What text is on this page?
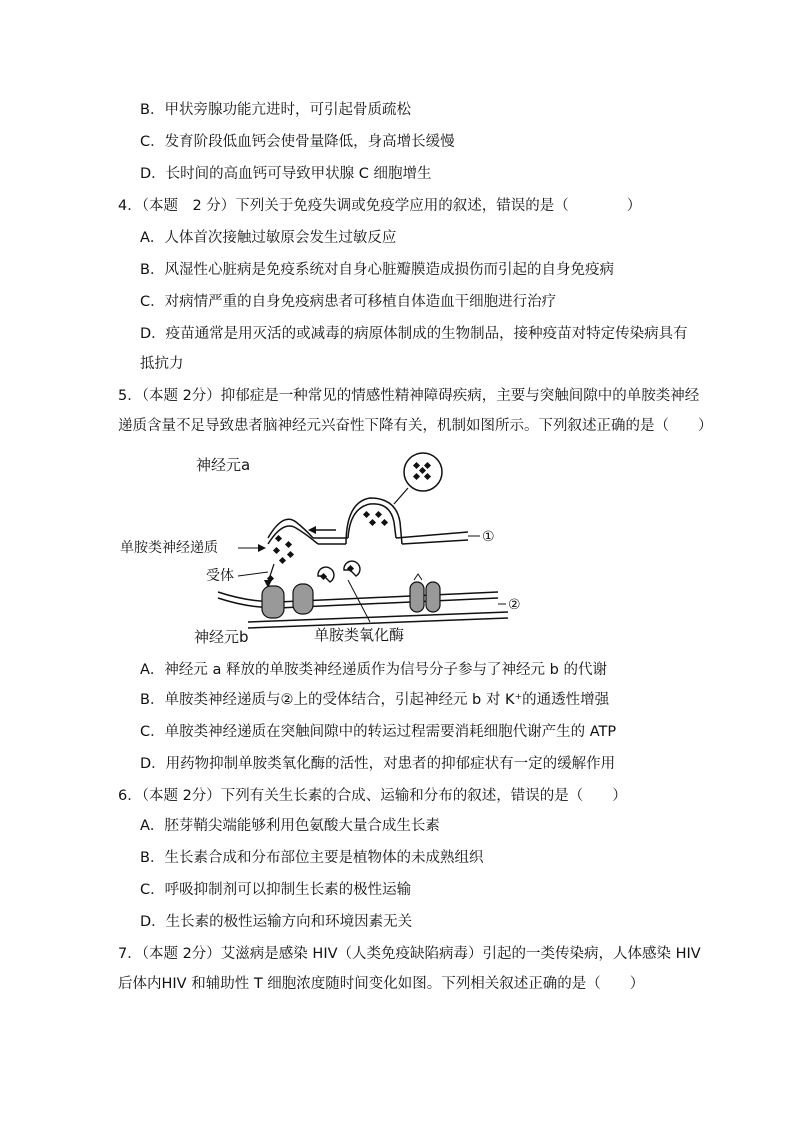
B．甲状旁腺功能亢进时，可引起骨质疏松
C．发育阶段低血钙会使骨量降低，身高增长缓慢
D．长时间的高血钙可导致甲状腺 C 细胞增生
4．（本题　2 分）下列关于免疫失调或免疫学应用的叙述，错误的是（　　　　）
A．人体首次接触过敏原会发生过敏反应
B．风湿性心脏病是免疫系统对自身心脏瓣膜造成损伤而引起的自身免疫病
C．对病情严重的自身免疫病患者可移植自体造血干细胞进行治疗
D．疫苗通常是用灭活的或减毒的病原体制成的生物制品，接种疫苗对特定传染病具有
抵抗力
5．（本题 2分）抑郁症是一种常见的情感性精神障碍疾病，主要与突触间隙中的单胺类神经
递质含量不足导致患者脑神经元兴奋性下降有关，机制如图所示。下列叙述正确的是（　　）
神经元a
①
单胺类神经递质
受体
②
单胺类氧化酶
神经元b
A．神经元 a 释放的单胺类神经递质作为信号分子参与了神经元 b 的代谢
B．单胺类神经递质与②上的受体结合，引起神经元 b 对 K⁺的通透性增强
C．单胺类神经递质在突触间隙中的转运过程需要消耗细胞代谢产生的 ATP
D．用药物抑制单胺类氧化酶的活性，对患者的抑郁症状有一定的缓解作用
6．（本题 2分）下列有关生长素的合成、运输和分布的叙述，错误的是（　　）
A．胚芽鞘尖端能够利用色氨酸大量合成生长素
B．生长素合成和分布部位主要是植物体的未成熟组织
C．呼吸抑制剂可以抑制生长素的极性运输
D．生长素的极性运输方向和环境因素无关
7．（本题 2分）艾滋病是感染 HIV（人类免疫缺陷病毒）引起的一类传染病，人体感染 HIV
后体内HIV 和辅助性 T 细胞浓度随时间变化如图。下列相关叙述正确的是（　　）
